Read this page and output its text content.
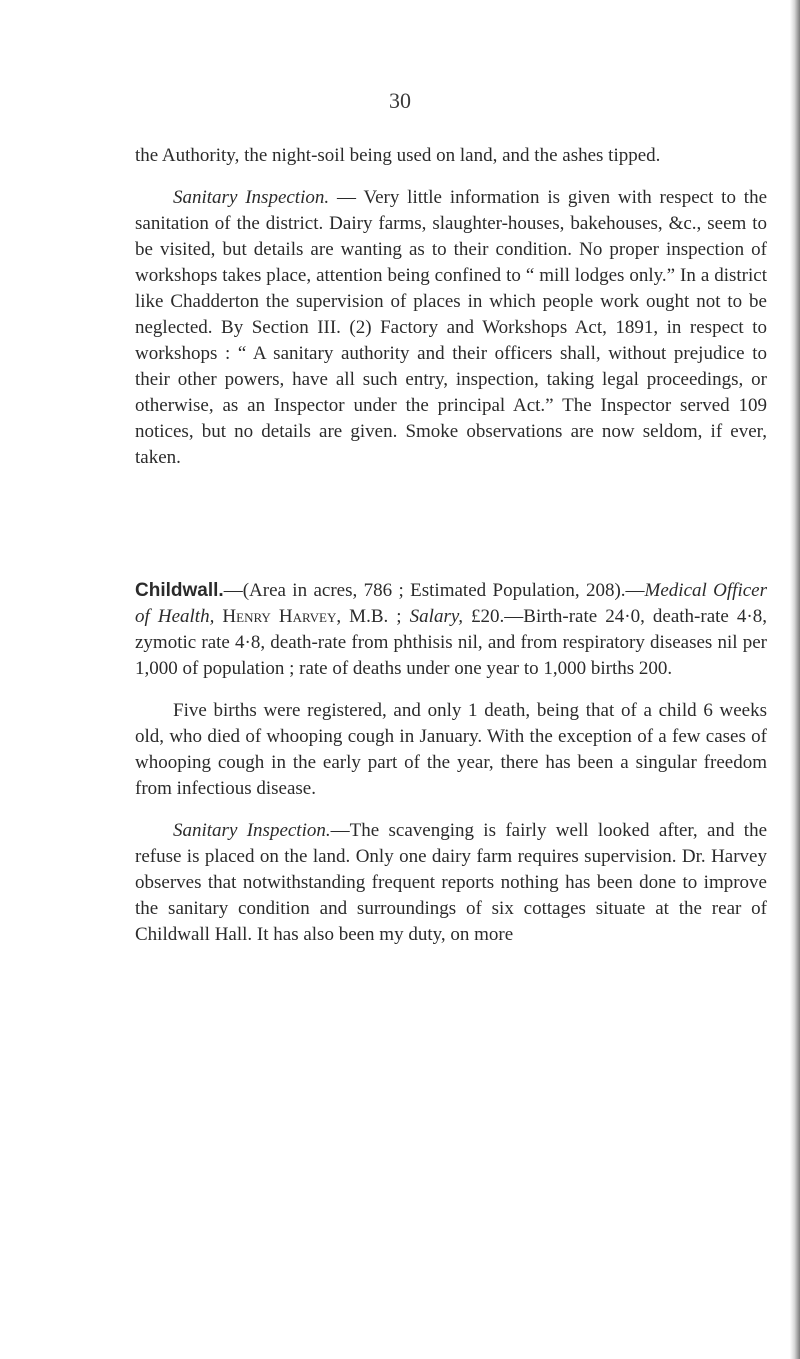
30

the Authority, the night-soil being used on land, and the ashes tipped.

Sanitary Inspection. — Very little information is given with respect to the sanitation of the district. Dairy farms, slaughter-houses, bakehouses, &c., seem to be visited, but details are wanting as to their condition. No proper inspection of workshops takes place, attention being confined to “ mill lodges only.” In a district like Chadderton the supervision of places in which people work ought not to be neglected. By Section III. (2) Factory and Workshops Act, 1891, in respect to workshops : “ A sanitary authority and their officers shall, without prejudice to their other powers, have all such entry, inspection, taking legal proceedings, or otherwise, as an Inspector under the principal Act.” The Inspector served 109 notices, but no details are given. Smoke observations are now seldom, if ever, taken.

Childwall.—(Area in acres, 786 ; Estimated Population, 208).—Medical Officer of Health, Henry Harvey, M.B. ; Salary, £20.—Birth-rate 24·0, death-rate 4·8, zymotic rate 4·8, death-rate from phthisis nil, and from respiratory diseases nil per 1,000 of population ; rate of deaths under one year to 1,000 births 200.

Five births were registered, and only 1 death, being that of a child 6 weeks old, who died of whooping cough in January. With the exception of a few cases of whooping cough in the early part of the year, there has been a singular freedom from infectious disease.

Sanitary Inspection.—The scavenging is fairly well looked after, and the refuse is placed on the land. Only one dairy farm requires supervision. Dr. Harvey observes that notwithstanding frequent reports nothing has been done to improve the sanitary condition and surroundings of six cottages situate at the rear of Childwall Hall. It has also been my duty, on more
